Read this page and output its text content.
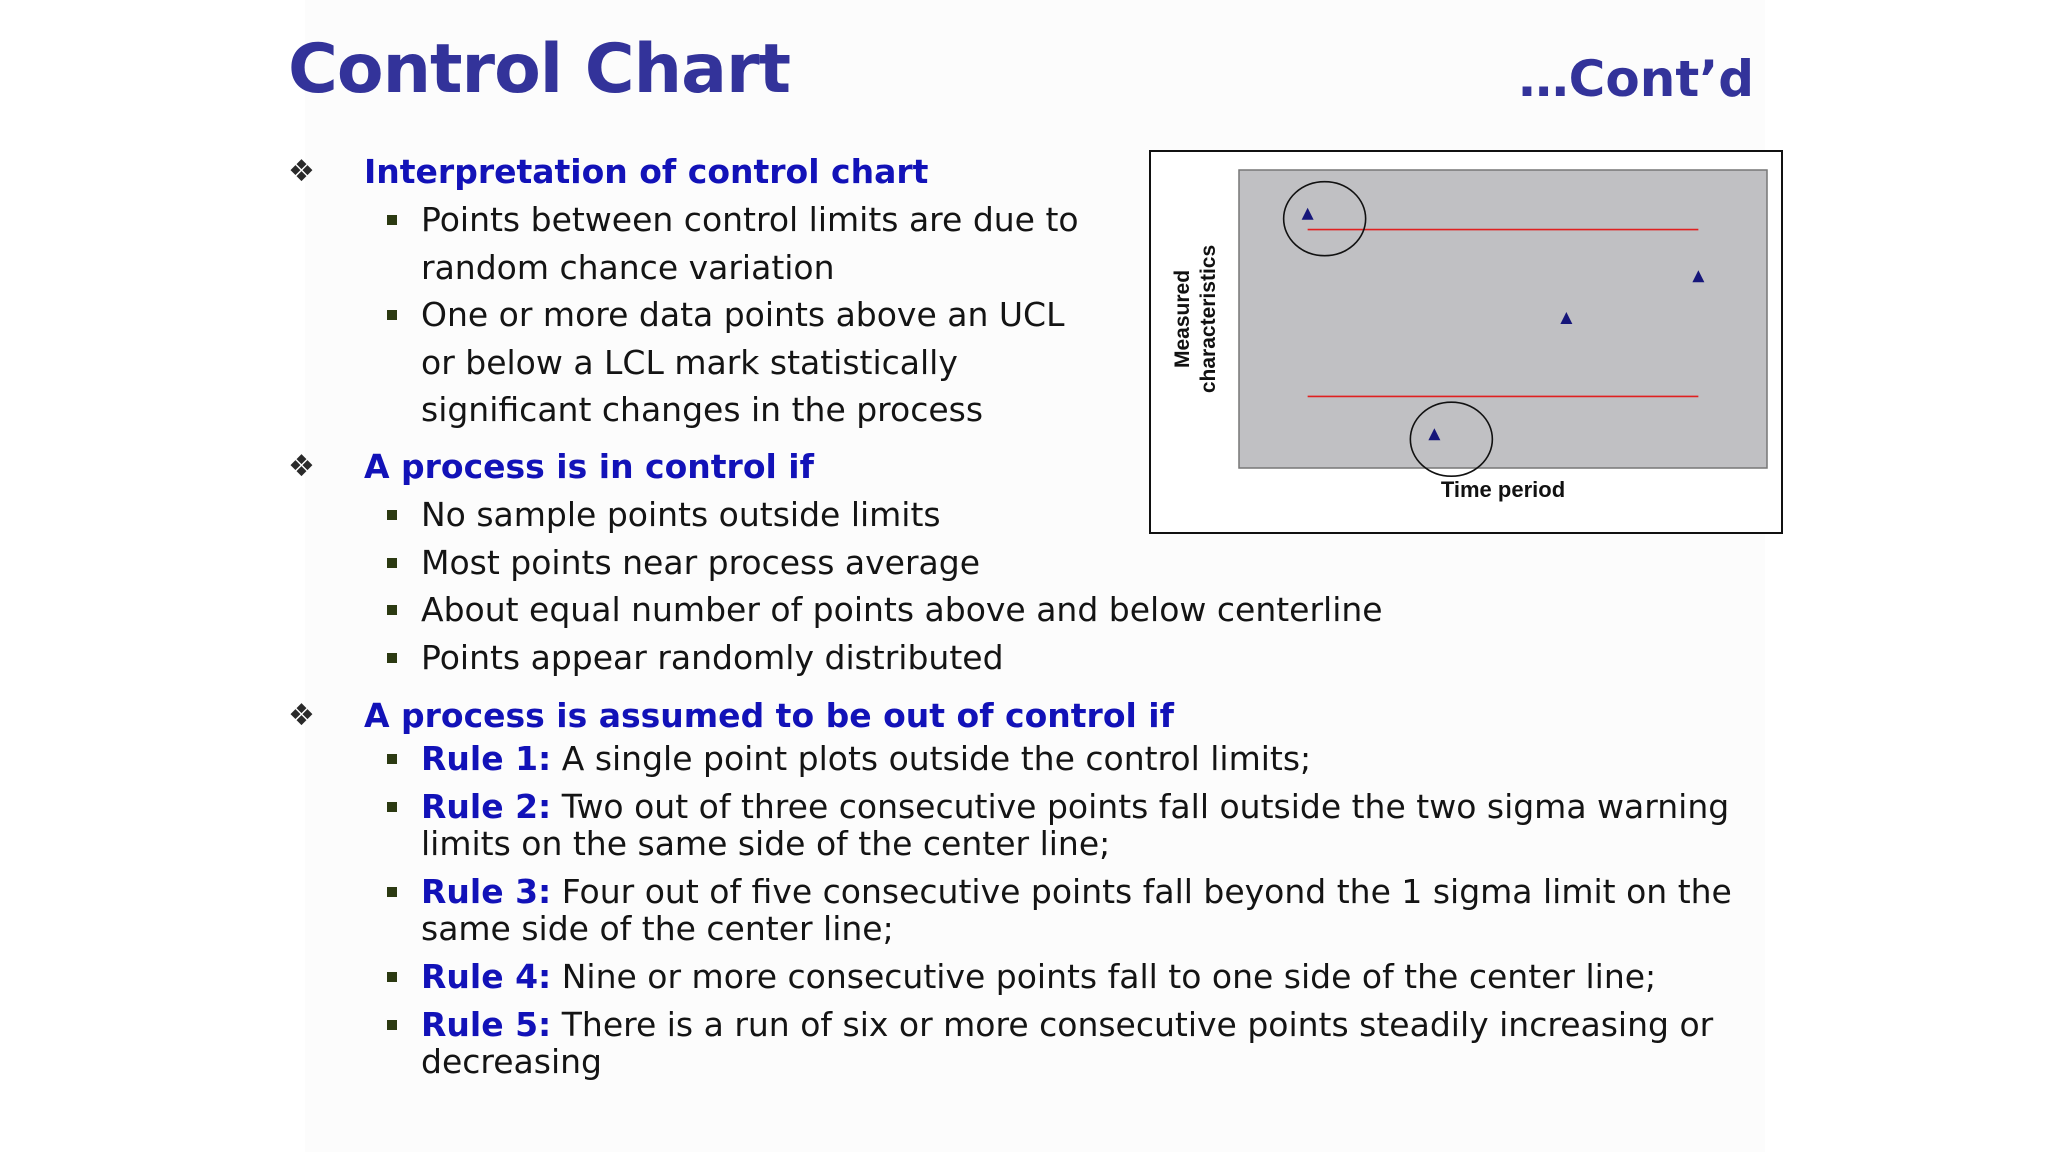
Control Chart	…Cont’d
❖	Interpretation of control chart
Points between control limits are due to random chance variation
One or more data points above an UCL or below a LCL mark statistically significant changes in the process
❖	A process is in control if
No sample points outside limits
Most points near process average
About equal number of points above and below centerline
Points appear randomly distributed
❖	A process is assumed to be out of control if
Rule 1: A single point plots outside the control limits;
Rule 2: Two out of three consecutive points fall outside the two sigma warning limits on the same side of the center line;
Rule 3: Four out of five consecutive points fall beyond the 1 sigma limit on the same side of the center line;
Rule 4: Nine or more consecutive points fall to one side of the center line;
Rule 5: There is a run of six or more consecutive points steadily increasing or decreasing
Time period
Measured characteristics
